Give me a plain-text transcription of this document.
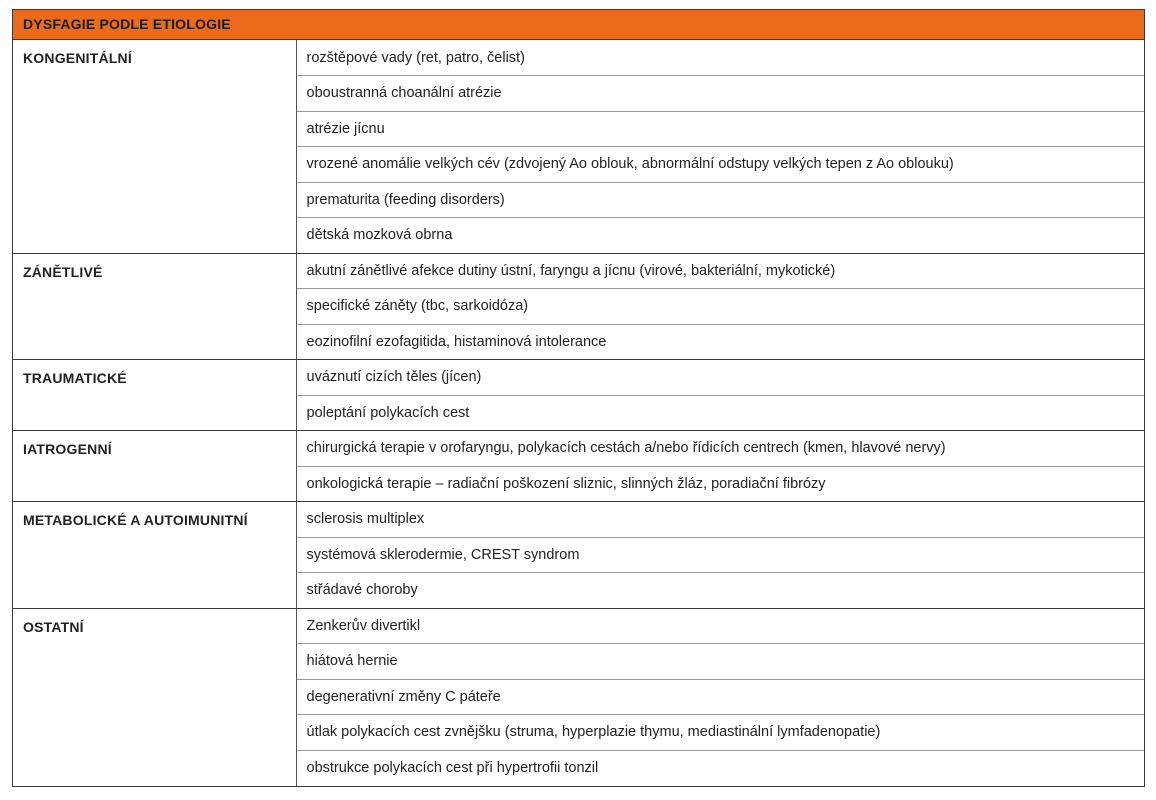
DYSFAGIE PODLE ETIOLOGIE
KONGENITÁLNÍ	rozštěpové vady (ret, patro, čelist)
	oboustranná choanální atrézie
	atrézie jícnu
	vrozené anomálie velkých cév (zdvojený Ao oblouk, abnormální odstupy velkých tepen z Ao oblouku)
	prematurita (feeding disorders)
	dětská mozková obrna
ZÁNĚTLIVÉ	akutní zánětlivé afekce dutiny ústní, faryngu a jícnu (virové, bakteriální, mykotické)
	specifické záněty (tbc, sarkoidóza)
	eozinofilní ezofagitida, histaminová intolerance
TRAUMATICKÉ	uváznutí cizích těles (jícen)
	poleptání polykacích cest
IATROGENNÍ	chirurgická terapie v orofaryngu, polykacích cestách a/nebo řídicích centrech (kmen, hlavové nervy)
	onkologická terapie – radiační poškození sliznic, slinných žláz, poradiační fibrózy
METABOLICKÉ A AUTOIMUNITNÍ	sclerosis multiplex
	systémová sklerodermie, CREST syndrom
	střádavé choroby
OSTATNÍ	Zenkerův divertikl
	hiátová hernie
	degenerativní změny C páteře
	útlak polykacích cest zvnějšku (struma, hyperplazie thymu, mediastinální lymfadenopatie)
	obstrukce polykacích cest při hypertrofii tonzil
